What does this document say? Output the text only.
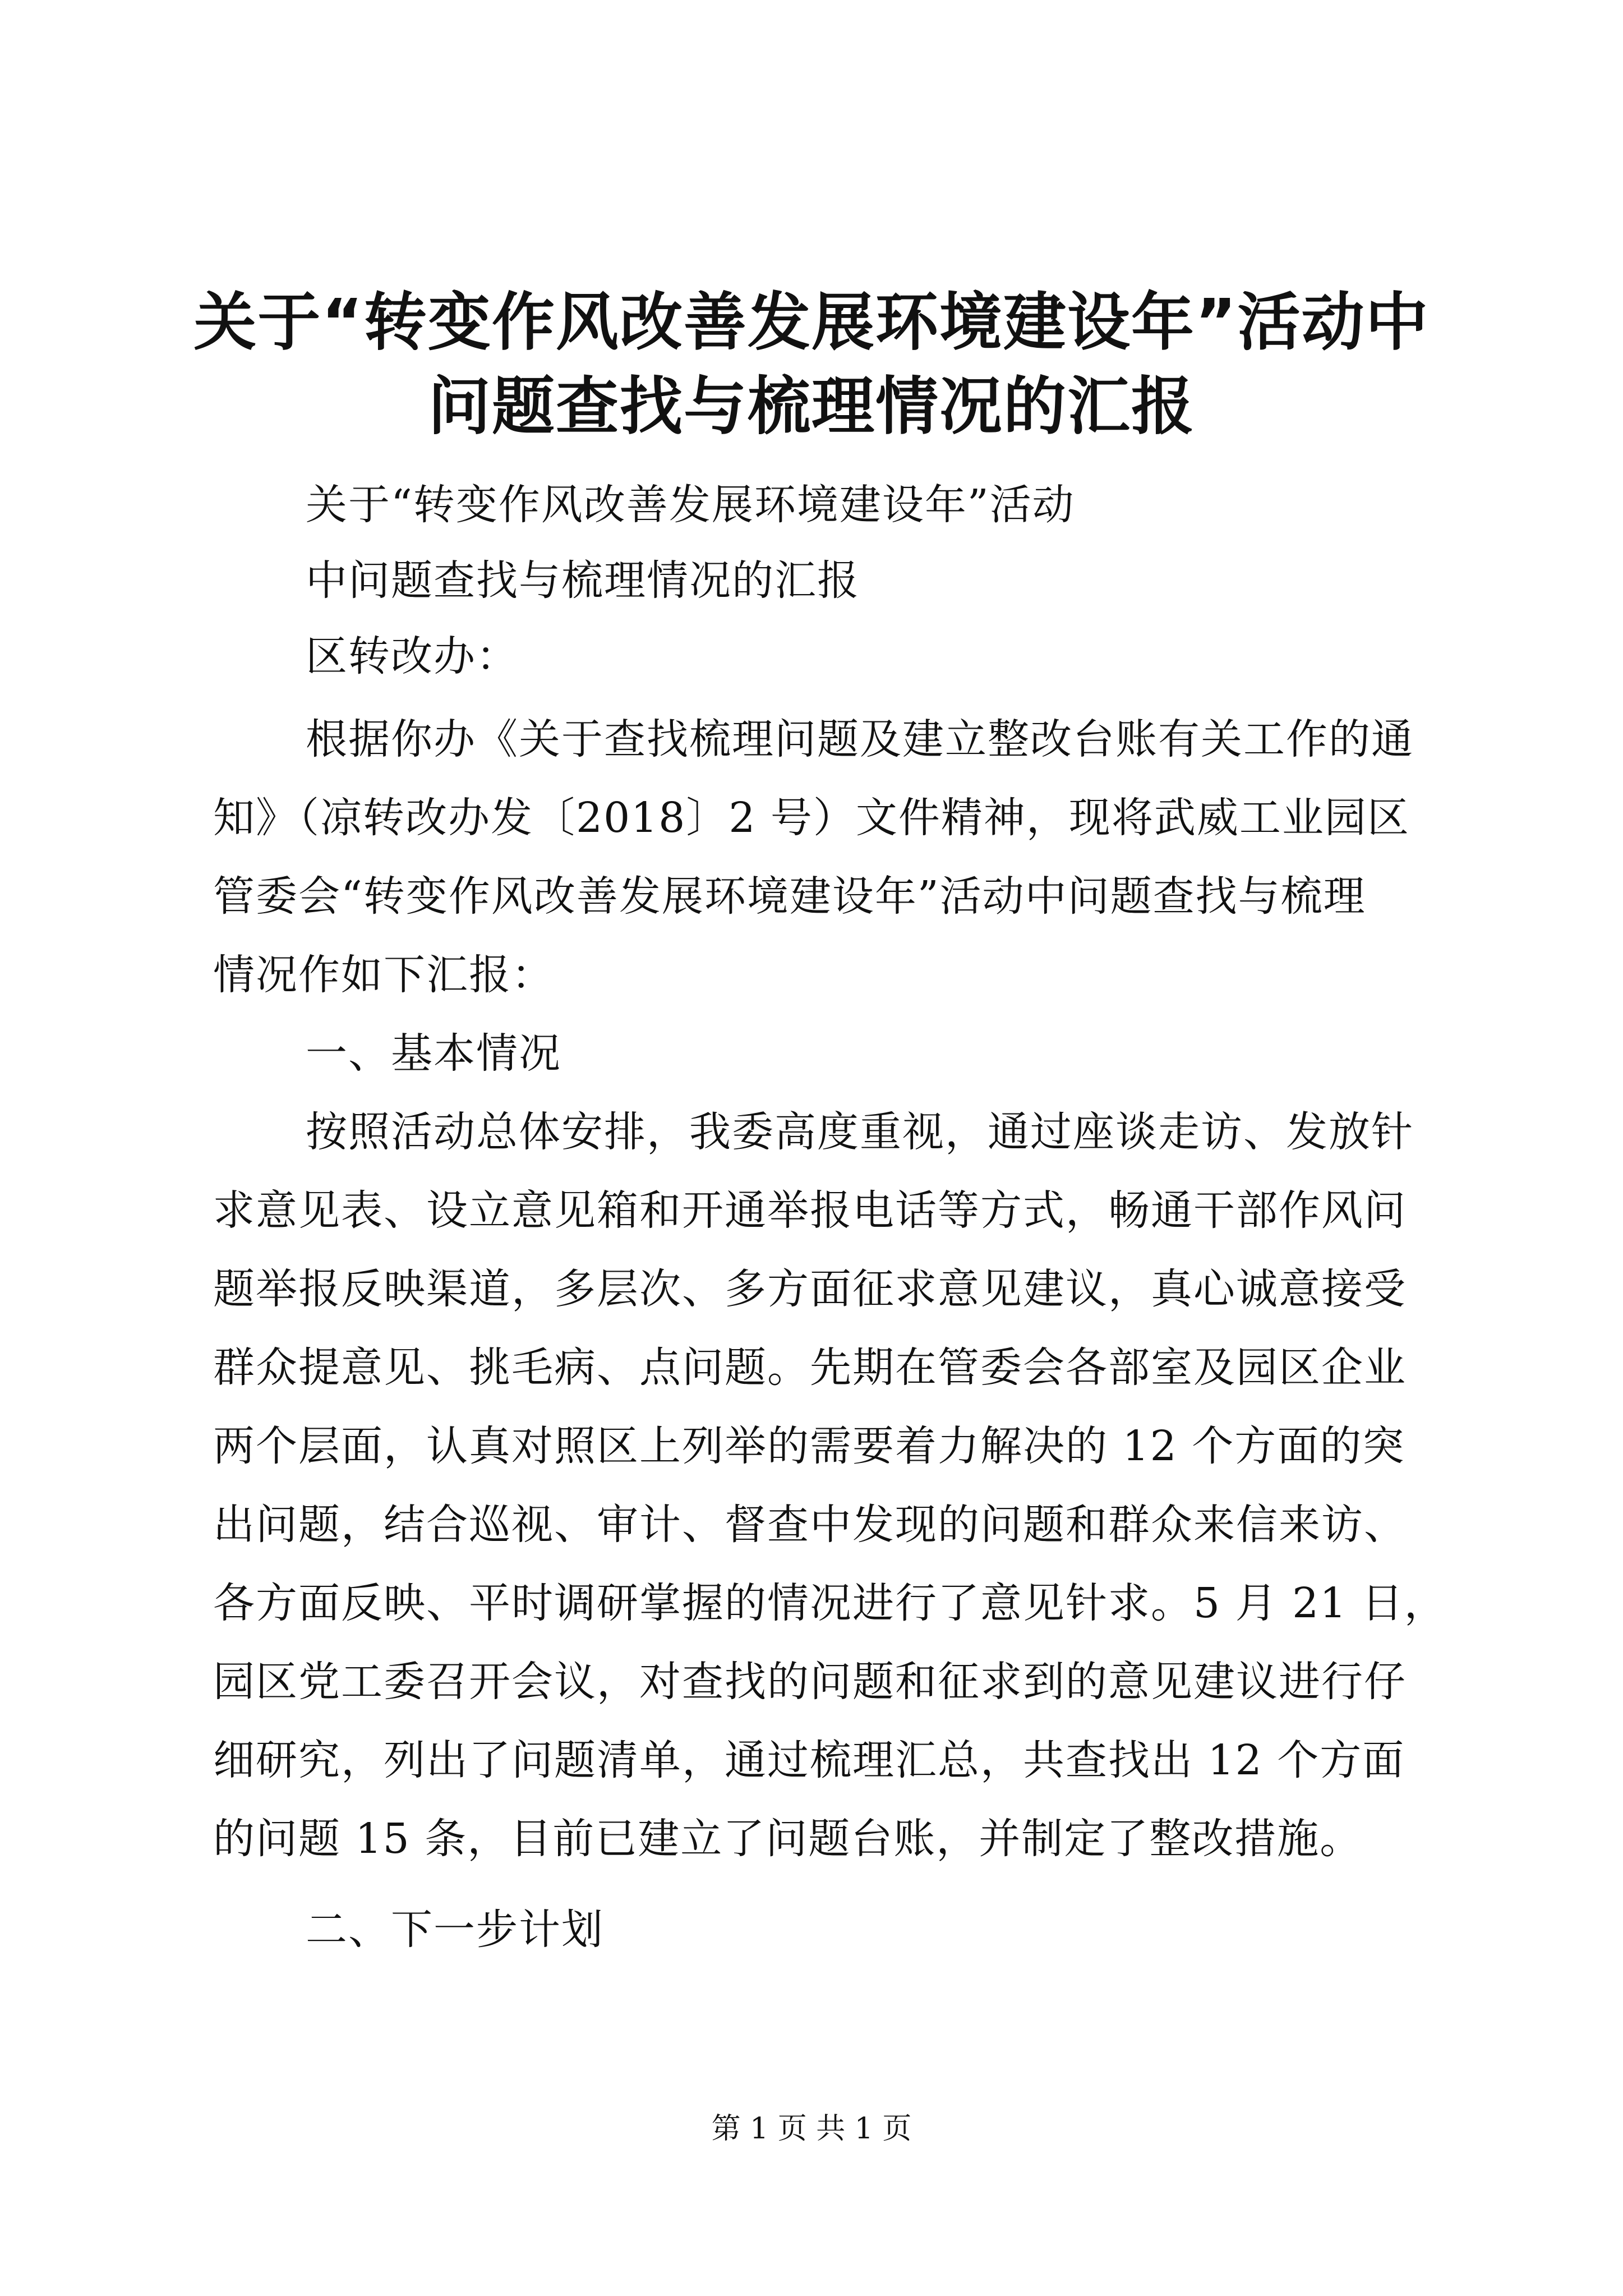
关于“转变作风改善发展环境建设年”活动中
问题查找与梳理情况的汇报

关于“转变作风改善发展环境建设年”活动

中问题查找与梳理情况的汇报

区转改办：

根据你办《关于查找梳理问题及建立整改台账有关工作的通

知》（凉转改办发〔2018〕2 号）文件精神，现将武威工业园区

管委会“转变作风改善发展环境建设年”活动中问题查找与梳理

情况作如下汇报：

一、基本情况

按照活动总体安排，我委高度重视，通过座谈走访、发放针

求意见表、设立意见箱和开通举报电话等方式，畅通干部作风问

题举报反映渠道，多层次、多方面征求意见建议，真心诚意接受

群众提意见、挑毛病、点问题。先期在管委会各部室及园区企业

两个层面，认真对照区上列举的需要着力解决的 12 个方面的突

出问题，结合巡视、审计、督查中发现的问题和群众来信来访、

各方面反映、平时调研掌握的情况进行了意见针求。5 月 21 日，

园区党工委召开会议，对查找的问题和征求到的意见建议进行仔

细研究，列出了问题清单，通过梳理汇总，共查找出 12 个方面

的问题 15 条，目前已建立了问题台账，并制定了整改措施。

二、下一步计划

第 1 页 共 1 页
